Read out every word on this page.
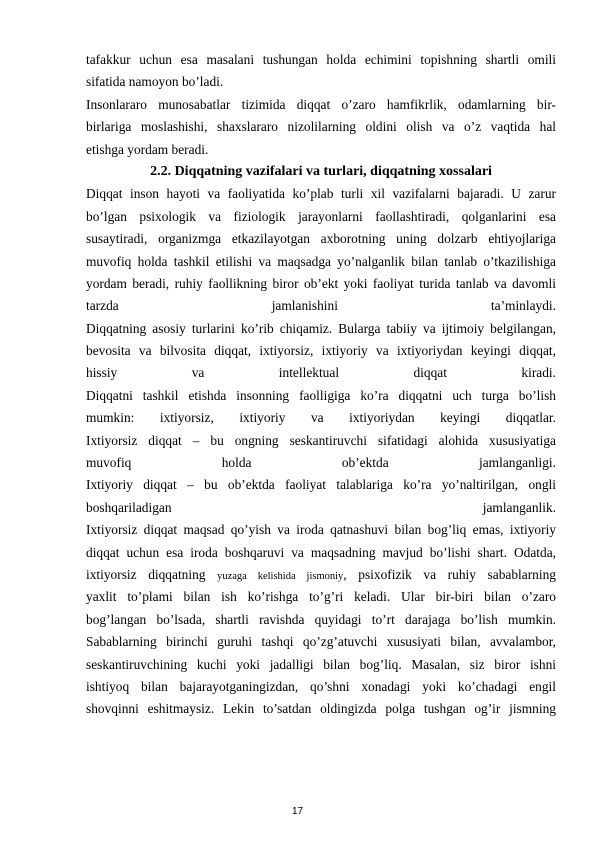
tafakkur uchun esa masalani tushungan holda echimini topishning shartli omili
sifatida namoyon bo’ladi.
Insonlararo munosabatlar tizimida diqqat o’zaro hamfikrlik, odamlarning bir-
birlariga moslashishi, shaxslararo nizolilarning oldini olish va o’z vaqtida hal
etishga yordam beradi.
2.2. Diqqatning vazifalari va turlari, diqqatning xossalari
Diqqat inson hayoti va faoliyatida ko’plab turli xil vazifalarni bajaradi. U zarur
bo’lgan psixologik va fiziologik jarayonlarni faollashtiradi, qolganlarini esa
susaytiradi, organizmga etkazilayotgan axborotning uning dolzarb ehtiyojlariga
muvofiq holda tashkil etilishi va maqsadga yo’nalganlik bilan tanlab o’tkazilishiga
yordam beradi, ruhiy faollikning biror ob’ekt yoki faoliyat turida tanlab va davomli
tarzda jamlanishini ta’minlaydi.
Diqqatning asosiy turlarini ko’rib chiqamiz. Bularga tabiiy va ijtimoiy belgilangan,
bevosita va bilvosita diqqat, ixtiyorsiz, ixtiyoriy va ixtiyoriydan keyingi diqqat,
hissiy va intellektual diqqat kiradi.
Diqqatni tashkil etishda insonning faolligiga ko’ra diqqatni uch turga bo’lish
mumkin: ixtiyorsiz, ixtiyoriy va ixtiyoriydan keyingi diqqatlar.
Ixtiyorsiz diqqat – bu ongning seskantiruvchi sifatidagi alohida xususiyatiga
muvofiq holda ob’ektda jamlanganligi.
Ixtiyoriy diqqat – bu ob’ektda faoliyat talablariga ko’ra yo’naltirilgan, ongli
boshqariladigan jamlanganlik.
Ixtiyorsiz diqqat maqsad qo’yish va iroda qatnashuvi bilan bog’liq emas, ixtiyoriy
diqqat uchun esa iroda boshqaruvi va maqsadning mavjud bo’lishi shart. Odatda,
ixtiyorsiz diqqatning yuzaga kelishida jismoniy, psixofizik va ruhiy sabablarning
yaxlit to’plami bilan ish ko’rishga to’g’ri keladi. Ular bir-biri bilan o’zaro
bog’langan bo’lsada, shartli ravishda quyidagi to’rt darajaga bo’lish mumkin.
Sabablarning birinchi guruhi tashqi qo’zg’atuvchi xususiyati bilan, avvalambor,
seskantiruvchining kuchi yoki jadalligi bilan bog’liq. Masalan, siz biror ishni
ishtiyoq bilan bajarayotganingizdan, qo’shni xonadagi yoki ko’chadagi engil
shovqinni eshitmaysiz. Lekin to’satdan oldingizda polga tushgan og’ir jismning
17
